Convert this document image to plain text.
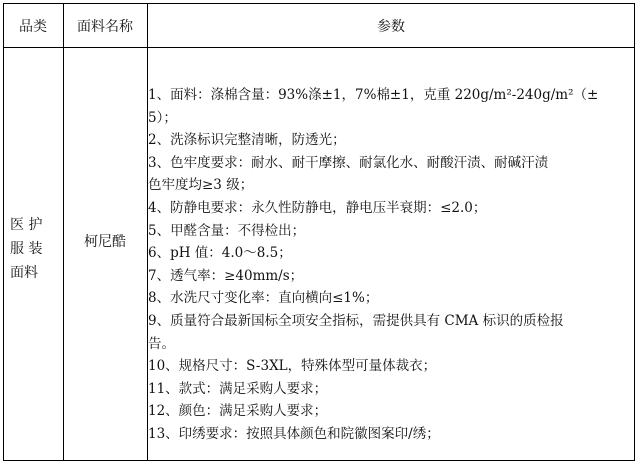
品类	面料名称	参数
医 护
服 装
面料
柯尼酷
1、面料：涤棉含量：93%涤±1，7%棉±1，克重 220g/m²-240g/m²（±
5）；
2、洗涤标识完整清晰，防透光；
3、色牢度要求：耐水、耐干摩擦、耐氯化水、耐酸汗渍、耐碱汗渍
色牢度均≥3 级；
4、防静电要求：永久性防静电，静电压半衰期：≤2.0；
5、甲醛含量：不得检出；
6、pH 值：4.0～8.5；
7、透气率：≥40mm/s；
8、水洗尺寸变化率：直向横向≤1%；
9、质量符合最新国标全项安全指标，需提供具有 CMA 标识的质检报
告。
10、规格尺寸：S-3XL，特殊体型可量体裁衣；
11、款式：满足采购人要求；
12、颜色：满足采购人要求；
13、印绣要求：按照具体颜色和院徽图案印/绣；
